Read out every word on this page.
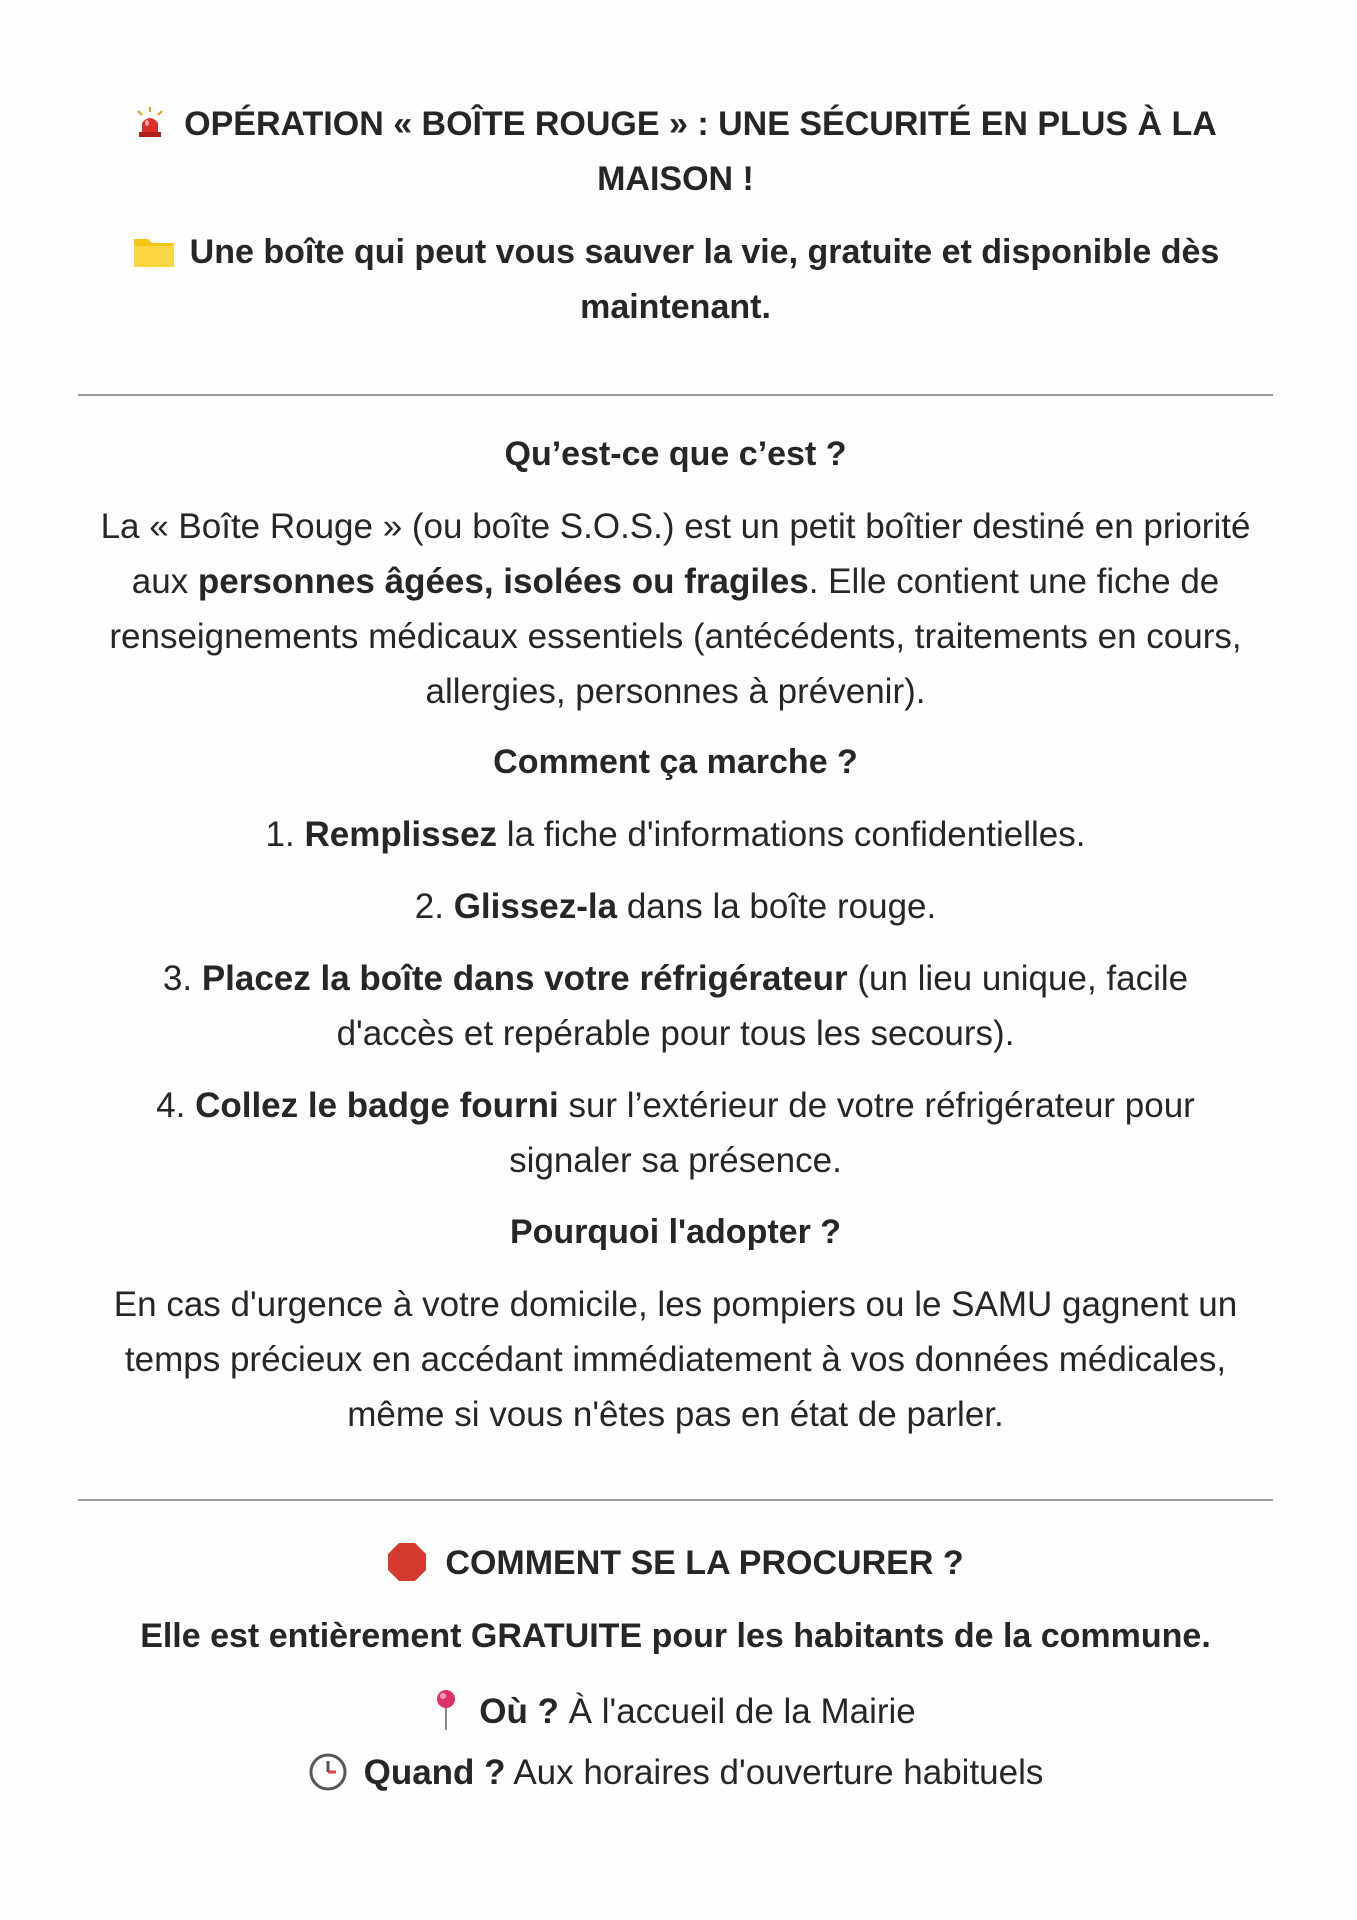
OPÉRATION « BOÎTE ROUGE » : UNE SÉCURITÉ EN PLUS À LA MAISON !
Une boîte qui peut vous sauver la vie, gratuite et disponible dès maintenant.
Qu’est-ce que c’est ?
La « Boîte Rouge » (ou boîte S.O.S.) est un petit boîtier destiné en priorité aux personnes âgées, isolées ou fragiles. Elle contient une fiche de renseignements médicaux essentiels (antécédents, traitements en cours, allergies, personnes à prévenir).
Comment ça marche ?
1. Remplissez la fiche d'informations confidentielles.
2. Glissez-la dans la boîte rouge.
3. Placez la boîte dans votre réfrigérateur (un lieu unique, facile d'accès et repérable pour tous les secours).
4. Collez le badge fourni sur l’extérieur de votre réfrigérateur pour signaler sa présence.
Pourquoi l'adopter ?
En cas d'urgence à votre domicile, les pompiers ou le SAMU gagnent un temps précieux en accédant immédiatement à vos données médicales, même si vous n'êtes pas en état de parler.
COMMENT SE LA PROCURER ?
Elle est entièrement GRATUITE pour les habitants de la commune.
Où ? À l'accueil de la Mairie
Quand ? Aux horaires d'ouverture habituels
